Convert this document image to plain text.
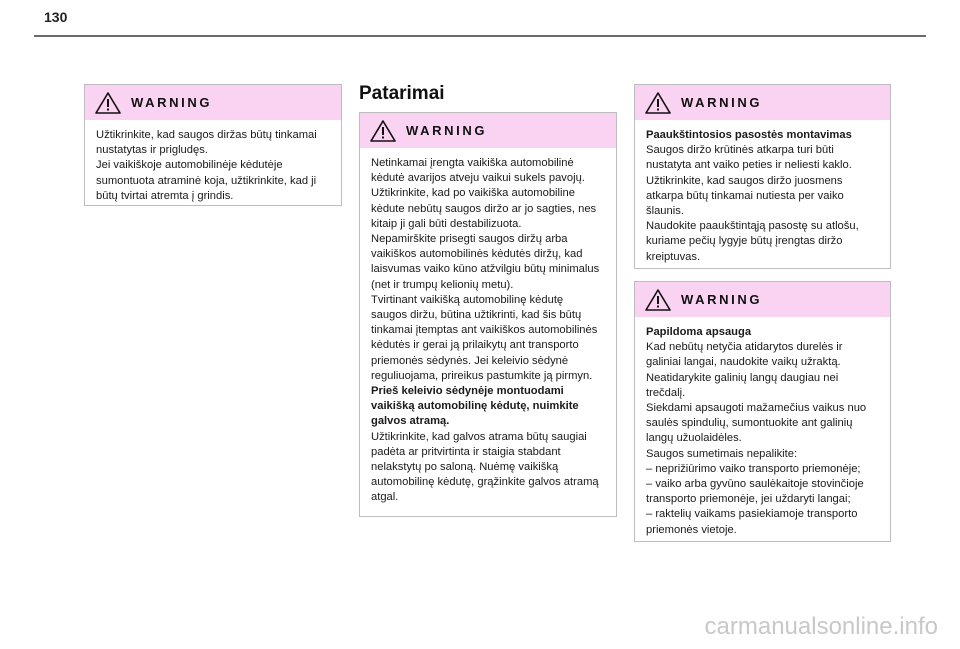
130
WARNING

Užtikrinkite, kad saugos diržas būtų tinkamai

nustatytas ir prigludęs.

Jei vaikiškoje automobilinėje kėdutėje

sumontuota atraminė koja, užtikrinkite, kad ji

būtų tvirtai atremta į grindis.

Patarimai
WARNING

Netinkamai įrengta vaikiška automobilinė

kėdutė avarijos atveju vaikui sukels pavojų.

Užtikrinkite, kad po vaikiška automobiline

kėdute nebūtų saugos diržo ar jo sagties, nes

kitaip ji gali būti destabilizuota.

Nepamirškite prisegti saugos diržų arba

vaikiškos automobilinės kėdutės diržų, kad

laisvumas vaiko kūno atžvilgiu būtų minimalus

(net ir trumpų kelionių metu).

Tvirtinant vaikišką automobilinę kėdutę

saugos diržu, būtina užtikrinti, kad šis būtų

tinkamai įtemptas ant vaikiškos automobilinės

kėdutės ir gerai ją prilaikytų ant transporto

priemonės sėdynės. Jei keleivio sėdynė

reguliuojama, prireikus pastumkite ją pirmyn.

Prieš keleivio sėdynėje montuodami

vaikišką automobilinę kėdutę, nuimkite

galvos atramą.

Užtikrinkite, kad galvos atrama būtų saugiai

padėta ar pritvirtinta ir staigia stabdant

nelakstytų po saloną. Nuėmę vaikišką

automobilinę kėdutę, grąžinkite galvos atramą

atgal.

WARNING

Paaukštintosios pasostės montavimas

Saugos diržo krūtinės atkarpa turi būti

nustatyta ant vaiko peties ir neliesti kaklo.

Užtikrinkite, kad saugos diržo juosmens

atkarpa būtų tinkamai nutiesta per vaiko

šlaunis.

Naudokite paaukštintąją pasostę su atlošu,

kuriame pečių lygyje būtų įrengtas diržo

kreiptuvas.

WARNING

Papildoma apsauga

Kad nebūtų netyčia atidarytos durelės ir

galiniai langai, naudokite vaikų užraktą.

Neatidarykite galinių langų daugiau nei

trečdalį.

Siekdami apsaugoti mažamečius vaikus nuo

saulės spindulių, sumontuokite ant galinių

langų užuolaidėles.

Saugos sumetimais nepalikite:

– neprižiūrimo vaiko transporto priemonėje;

– vaiko arba gyvūno saulėkaitoje stovinčioje

transporto priemonėje, jei uždaryti langai;

– raktelių vaikams pasiekiamoje transporto

priemonės vietoje.

carmanualsonline.info
